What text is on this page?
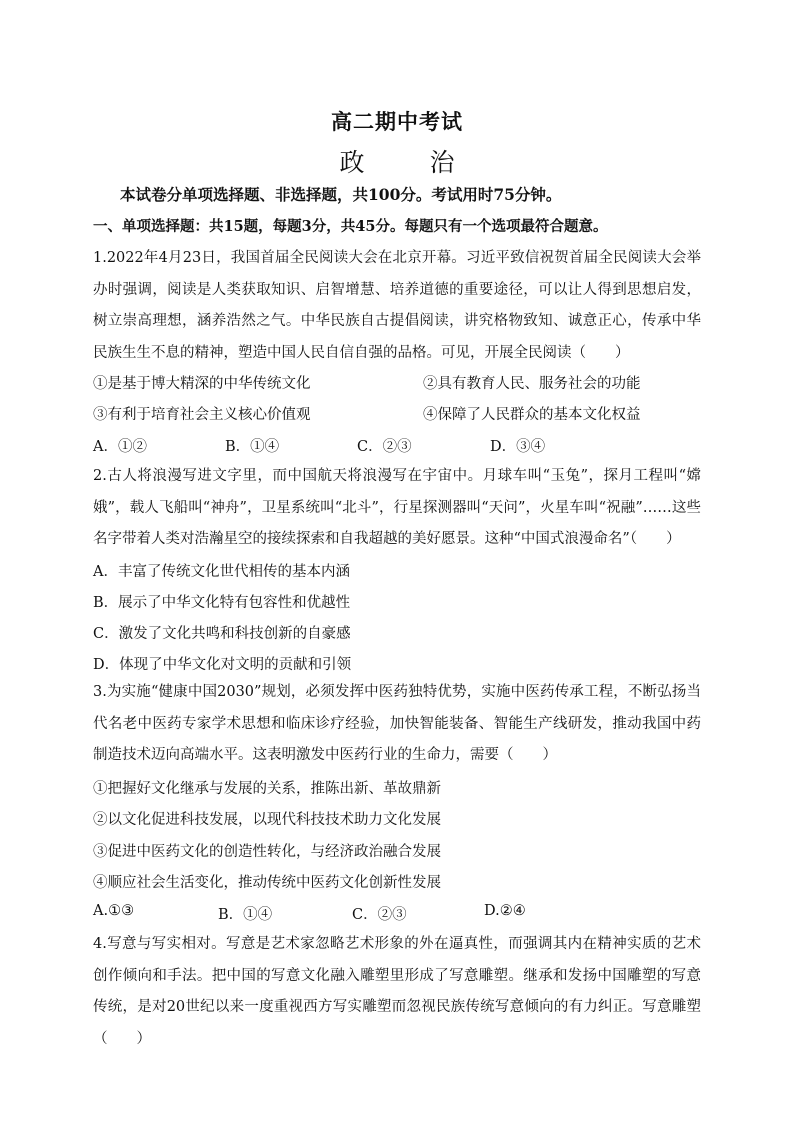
高二期中考试
政　治
本试卷分单项选择题、非选择题，共100分。考试用时75分钟。
一、单项选择题：共15题，每题3分，共45分。每题只有一个选项最符合题意。
1.2022年4月23日，我国首届全民阅读大会在北京开幕。习近平致信祝贺首届全民阅读大会举办时强调，阅读是人类获取知识、启智增慧、培养道德的重要途径，可以让人得到思想启发，树立崇高理想，涵养浩然之气。中华民族自古提倡阅读，讲究格物致知、诚意正心，传承中华民族生生不息的精神，塑造中国人民自信自强的品格。可见，开展全民阅读（　　）
①是基于博大精深的中华传统文化	②具有教育人民、服务社会的功能
③有利于培育社会主义核心价值观	④保障了人民群众的基本文化权益
A．①②	B．①④	C．②③	D．③④
2.古人将浪漫写进文字里，而中国航天将浪漫写在宇宙中。月球车叫“玉兔”，探月工程叫“嫦娥”，载人飞船叫“神舟”，卫星系统叫“北斗”，行星探测器叫“天问”，火星车叫“祝融”……这些名字带着人类对浩瀚星空的接续探索和自我超越的美好愿景。这种“中国式浪漫命名”（　　）
A．丰富了传统文化世代相传的基本内涵
B．展示了中华文化特有包容性和优越性
C．激发了文化共鸣和科技创新的自豪感
D．体现了中华文化对文明的贡献和引领
3.为实施“健康中国2030”规划，必须发挥中医药独特优势，实施中医药传承工程，不断弘扬当代名老中医药专家学术思想和临床诊疗经验，加快智能装备、智能生产线研发，推动我国中药制造技术迈向高端水平。这表明激发中医药行业的生命力，需要（　　）
①把握好文化继承与发展的关系，推陈出新、革故鼎新
②以文化促进科技发展，以现代科技技术助力文化发展
③促进中医药文化的创造性转化，与经济政治融合发展
④顺应社会生活变化，推动传统中医药文化创新性发展
A.①③	B．①④	C．②③	D.②④
4.写意与写实相对。写意是艺术家忽略艺术形象的外在逼真性，而强调其内在精神实质的艺术创作倾向和手法。把中国的写意文化融入雕塑里形成了写意雕塑。继承和发扬中国雕塑的写意传统，是对20世纪以来一度重视西方写实雕塑而忽视民族传统写意倾向的有力纠正。写意雕塑（　　）
